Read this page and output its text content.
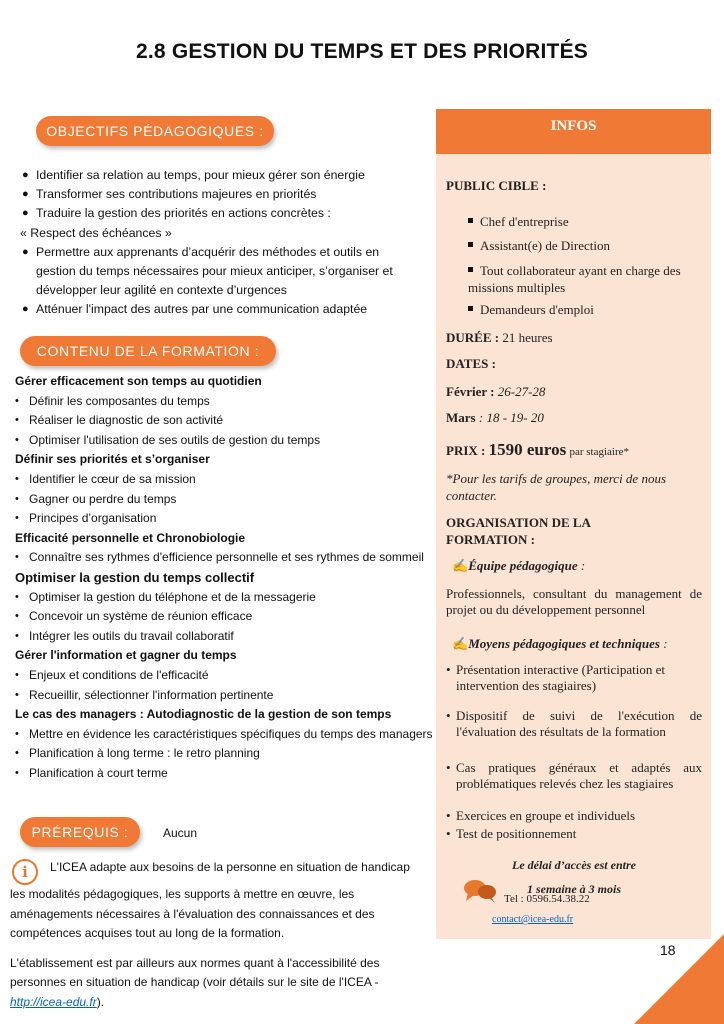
2.8 GESTION DU TEMPS ET DES PRIORITÉS
OBJECTIFS PÉDAGOGIQUES :
● Identifier sa relation au temps, pour mieux gérer son énergie
● Transformer ses contributions majeures en priorités
● Traduire la gestion des priorités en actions concrètes :
« Respect des échéances »
● Permettre aux apprenants d’acquérir des méthodes et outils en
gestion du temps nécessaires pour mieux anticiper, s’organiser et
développer leur agilité en contexte d’urgences
● Atténuer l'impact des autres par une communication adaptée
CONTENU DE LA FORMATION :
Gérer efficacement son temps au quotidien
• Définir les composantes du temps
• Réaliser le diagnostic de son activité
• Optimiser l'utilisation de ses outils de gestion du temps
Définir ses priorités et s’organiser
• Identifier le cœur de sa mission
• Gagner ou perdre du temps
• Principes d’organisation
Efficacité personnelle et Chronobiologie
• Connaître ses rythmes d'efficience personnelle et ses rythmes de sommeil
Optimiser la gestion du temps collectif
• Optimiser la gestion du téléphone et de la messagerie
• Concevoir un système de réunion efficace
• Intégrer les outils du travail collaboratif
Gérer l'information et gagner du temps
• Enjeux et conditions de l'efficacité
• Recueillir, sélectionner l'information pertinente
Le cas des managers : Autodiagnostic de la gestion de son temps
• Mettre en évidence les caractéristiques spécifiques du temps des managers
• Planification à long terme : le retro planning
• Planification à court terme
PRÉREQUIS :	Aucun

i L'ICEA adapte aux besoins de la personne en situation de handicap les modalités pédagogiques, les supports à mettre en œuvre, les aménagements nécessaires à l'évaluation des connaissances et des compétences acquises tout au long de la formation.

L'établissement est par ailleurs aux normes quant à l'accessibilité des personnes en situation de handicap (voir détails sur le site de l'ICEA - http://icea-edu.fr).

INFOS
PUBLIC CIBLE :
Chef d'entreprise
Assistant(e) de Direction
Tout collaborateur ayant en charge des missions multiples
Demandeurs d'emploi
DURÉE : 21 heures
DATES :
Février : 26-27-28
Mars : 18 - 19- 20
PRIX : 1590 euros par stagiaire*
*Pour les tarifs de groupes, merci de nous contacter.
ORGANISATION DE LA FORMATION :
✍Équipe pédagogique :
Professionnels, consultant du management de projet ou du développement personnel
✍Moyens pédagogiques et techniques :
• Présentation interactive (Participation et intervention des stagiaires)
• Dispositif de suivi de l'exécution de l'évaluation des résultats de la formation
• Cas pratiques généraux et adaptés aux problématiques relevés chez les stagiaires
• Exercices en groupe et individuels
• Test de positionnement
Le délai d’accès est entre
1 semaine à 3 mois
Tel : 0596.54.38.22
contact@icea-edu.fr
18
